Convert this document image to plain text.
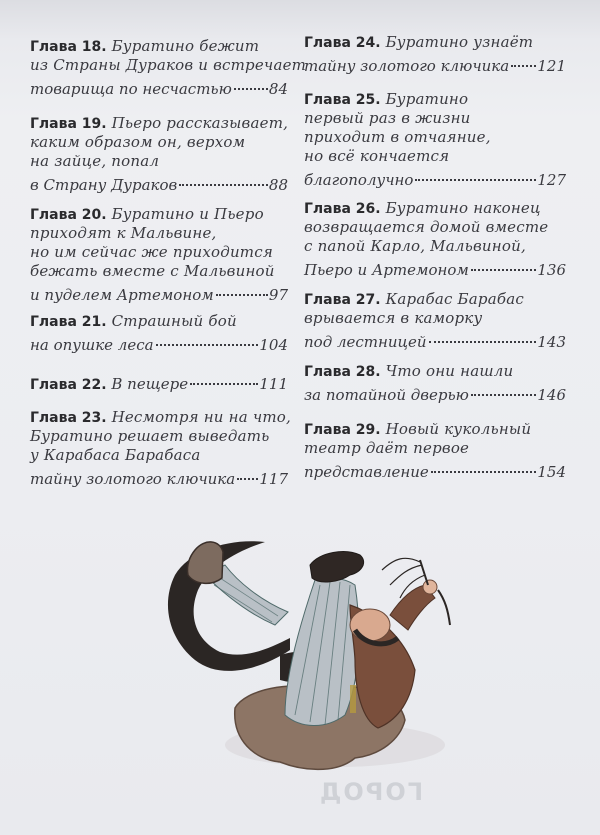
Глава 18. Буратино бежит
из Страны Дураков и встречает
товарища по несчастью 84
Глава 19. Пьеро рассказывает,
каким образом он, верхом
на зайце, попал
в Страну Дураков	88
Глава 20. Буратино и Пьеро
приходят к Мальвине,
но им сейчас же приходится
бежать вместе с Мальвиной
и пуделем Артемоном	97
Глава 21. Страшный бой
на опушке леса	104
Глава 22.
В пещере	111
Глава 23. Несмотря ни на что,
Буратино решает выведать
у Карабаса Барабаса
тайну золотого ключика 117
Глава 24. Буратино узнаёт
тайну золотого ключика 121
Глава 25. Буратино
первый раз в жизни
приходит в отчаяние,
но всё кончается
благополучно	127
Глава 26. Буратино наконец
возвращается домой вместе
с папой Карло, Мальвиной,
Пьеро и Артемоном	136
Глава 27. Карабас Барабас
врывается в каморку
под лестницей	143
Глава 28. Что они нашли
за потайной дверью	146
Глава 29. Новый кукольный
театр даёт первое
представление	154
ГОРОД
